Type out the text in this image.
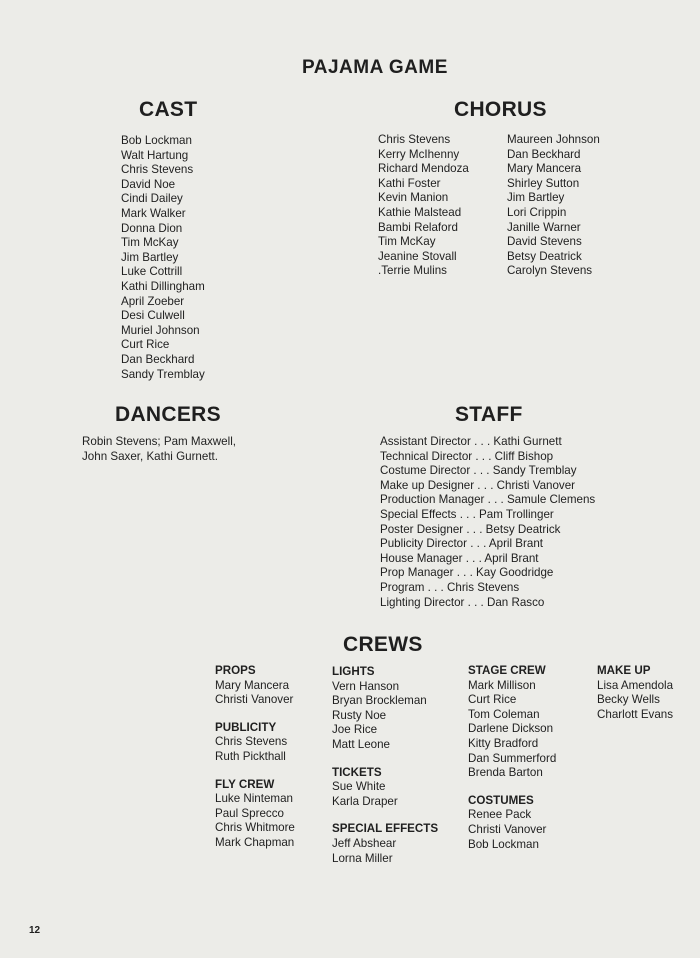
PAJAMA GAME
CAST
Bob Lockman
Walt Hartung
Chris Stevens
David Noe
Cindi Dailey
Mark Walker
Donna Dion
Tim McKay
Jim Bartley
Luke Cottrill
Kathi Dillingham
April Zoeber
Desi Culwell
Muriel Johnson
Curt Rice
Dan Beckhard
Sandy Tremblay
CHORUS
Chris Stevens
Kerry McIhenny
Richard Mendoza
Kathi Foster
Kevin Manion
Kathie Malstead
Bambi Relaford
Tim McKay
Jeanine Stovall
.Terrie Mulins
Maureen Johnson
Dan Beckhard
Mary Mancera
Shirley Sutton
Jim Bartley
Lori Crippin
Janille Warner
David Stevens
Betsy Deatrick
Carolyn Stevens
DANCERS
Robin Stevens; Pam Maxwell,
John Saxer, Kathi Gurnett.
STAFF
Assistant Director . . . Kathi Gurnett
Technical Director . . . Cliff Bishop
Costume Director . . . Sandy Tremblay
Make up Designer . . . Christi Vanover
Production Manager . . . Samule Clemens
Special Effects . . . Pam Trollinger
Poster Designer . . . Betsy Deatrick
Publicity Director . . . April Brant
House Manager . . . April Brant
Prop Manager . . . Kay Goodridge
Program . . . Chris Stevens
Lighting Director . . . Dan Rasco
CREWS
PROPS
Mary Mancera
Christi Vanover
PUBLICITY
Chris Stevens
Ruth Pickthall
FLY CREW
Luke Ninteman
Paul Sprecco
Chris Whitmore
Mark Chapman
LIGHTS
Vern Hanson
Bryan Brockleman
Rusty Noe
Joe Rice
Matt Leone
TICKETS
Sue White
Karla Draper
SPECIAL EFFECTS
Jeff Abshear
Lorna Miller
STAGE CREW
Mark Millison
Curt Rice
Tom Coleman
Darlene Dickson
Kitty Bradford
Dan Summerford
Brenda Barton
COSTUMES
Renee Pack
Christi Vanover
Bob Lockman
MAKE UP
Lisa Amendola
Becky Wells
Charlott Evans
12
